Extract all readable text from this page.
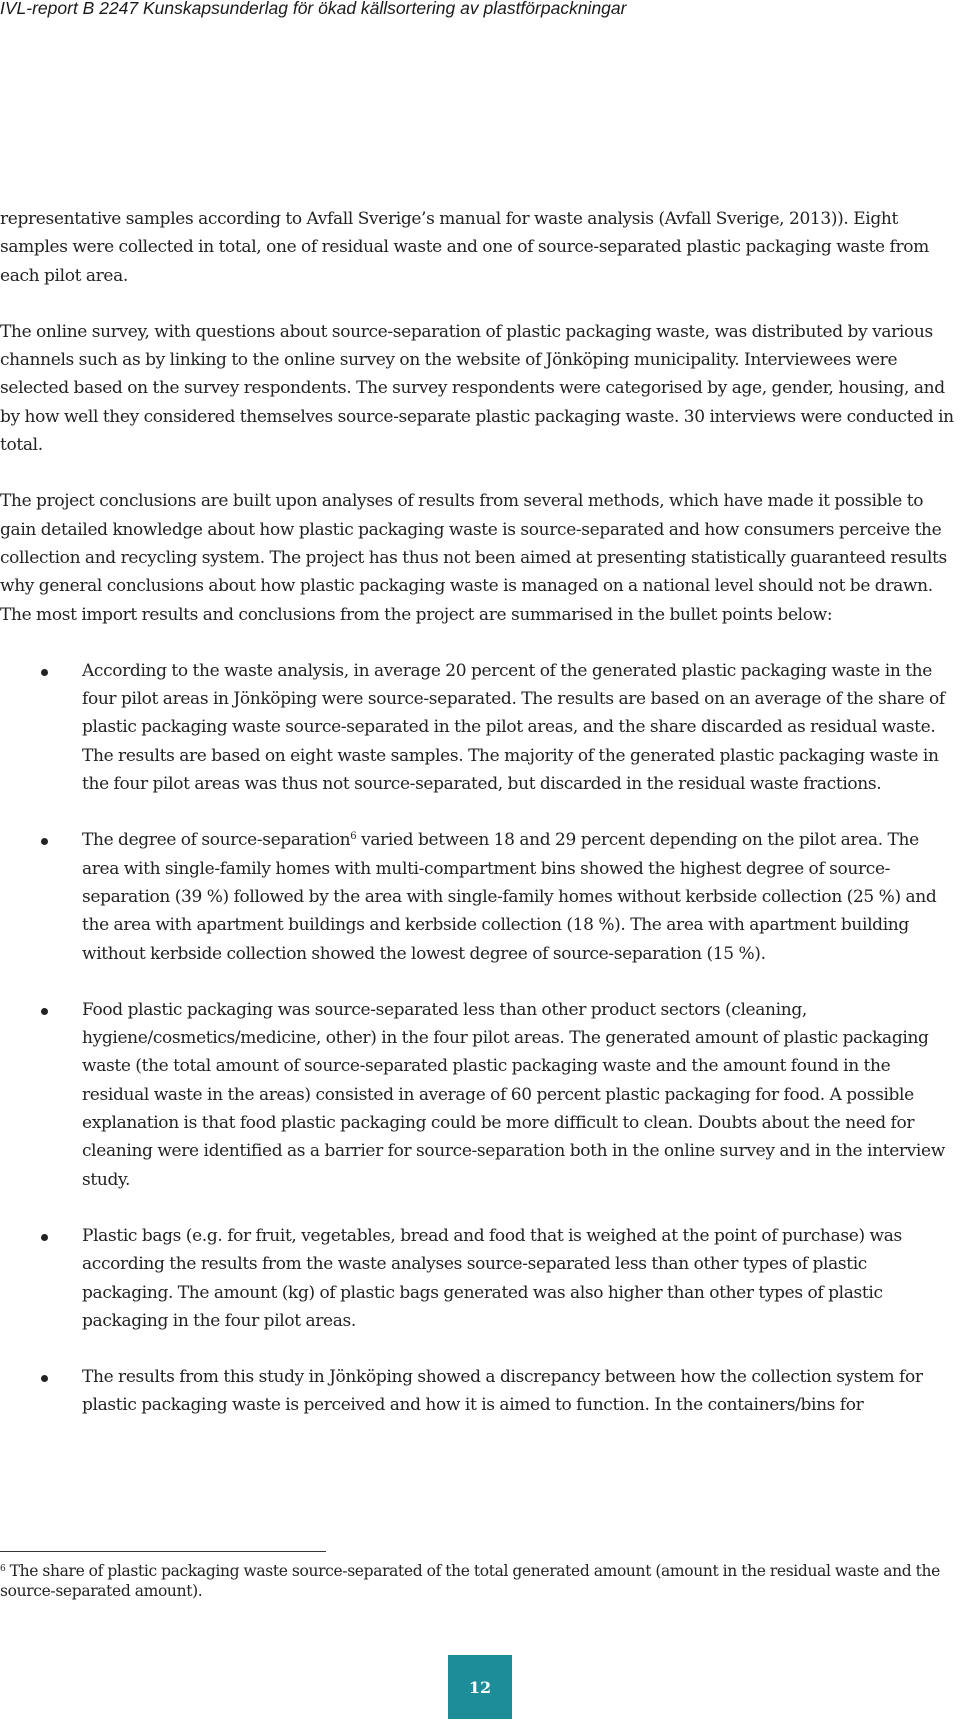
IVL-report B 2247 Kunskapsunderlag för ökad källsortering av plastförpackningar

representative samples according to Avfall Sverige’s manual for waste analysis (Avfall Sverige, 2013)). Eight samples were collected in total, one of residual waste and one of source-separated plastic packaging waste from each pilot area.

The online survey, with questions about source-separation of plastic packaging waste, was distributed by various channels such as by linking to the online survey on the website of Jönköping municipality. Interviewees were selected based on the survey respondents. The survey respondents were categorised by age, gender, housing, and by how well they considered themselves source-separate plastic packaging waste. 30 interviews were conducted in total.

The project conclusions are built upon analyses of results from several methods, which have made it possible to gain detailed knowledge about how plastic packaging waste is source-separated and how consumers perceive the collection and recycling system. The project has thus not been aimed at presenting statistically guaranteed results why general conclusions about how plastic packaging waste is managed on a national level should not be drawn. The most import results and conclusions from the project are summarised in the bullet points below:

According to the waste analysis, in average 20 percent of the generated plastic packaging waste in the four pilot areas in Jönköping were source-separated. The results are based on an average of the share of plastic packaging waste source-separated in the pilot areas, and the share discarded as residual waste. The results are based on eight waste samples. The majority of the generated plastic packaging waste in the four pilot areas was thus not source-separated, but discarded in the residual waste fractions.
The degree of source-separation$^6$ varied between 18 and 29 percent depending on the pilot area. The area with single-family homes with multi-compartment bins showed the highest degree of source-separation (39 %) followed by the area with single-family homes without kerbside collection (25 %) and the area with apartment buildings and kerbside collection (18 %). The area with apartment building without kerbside collection showed the lowest degree of source-separation (15 %).
Food plastic packaging was source-separated less than other product sectors (cleaning, hygiene/cosmetics/medicine, other) in the four pilot areas. The generated amount of plastic packaging waste (the total amount of source-separated plastic packaging waste and the amount found in the residual waste in the areas) consisted in average of 60 percent plastic packaging for food. A possible explanation is that food plastic packaging could be more difficult to clean. Doubts about the need for cleaning were identified as a barrier for source-separation both in the online survey and in the interview study.
Plastic bags (e.g. for fruit, vegetables, bread and food that is weighed at the point of purchase) was according the results from the waste analyses source-separated less than other types of plastic packaging. The amount (kg) of plastic bags generated was also higher than other types of plastic packaging in the four pilot areas.
The results from this study in Jönköping showed a discrepancy between how the collection system for plastic packaging waste is perceived and how it is aimed to function. In the containers/bins for
$^6$ The share of plastic packaging waste source-separated of the total generated amount (amount in the residual waste and the source-separated amount).
12
